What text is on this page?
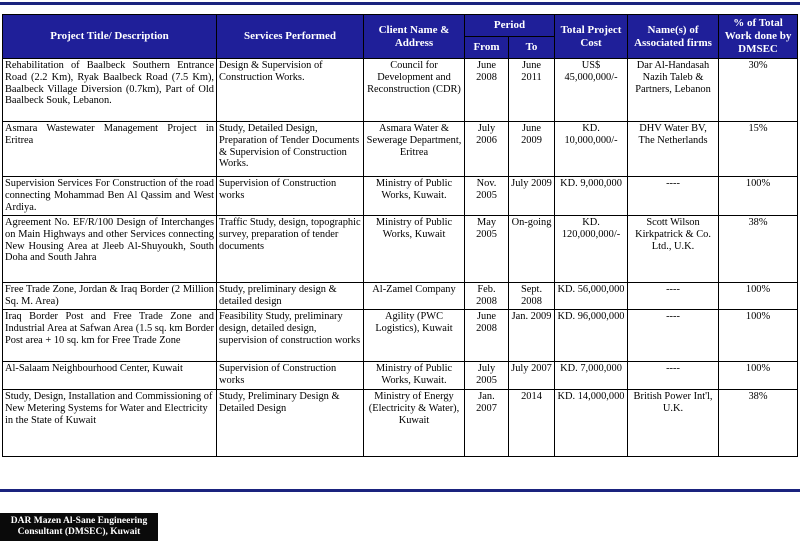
Project Title/ Description	Services Performed	Client Name & Address	Period		Total Project Cost	Name(s) of Associated firms	% of Total Work done by DMSEC
			From	To			
Rehabilitation of Baalbeck Southern Entrance Road (2.2 Km), Ryak Baalbeck Road (7.5 Km), Baalbeck Village Diversion (0.7km), Part of Old Baalbeck Souk, Lebanon.	Design & Supervision of Construction Works.	Council for Development and Reconstruction (CDR)	June 2008	June 2011	US$ 45,000,000/-	Dar Al-Handasah Nazih Taleb & Partners, Lebanon	30%
Asmara Wastewater Management Project in Eritrea	Study, Detailed Design, Preparation of Tender Documents & Supervision of Construction Works.	Asmara Water & Sewerage Department, Eritrea	July 2006	June 2009	KD. 10,000,000/-	DHV Water BV, The Netherlands	15%
Supervision Services For Construction of the road connecting Mohammad Ben Al Qassim and West Ardiya.	Supervision of Construction works	Ministry of Public Works, Kuwait.	Nov. 2005	July 2009	KD. 9,000,000	----	100%
Agreement No. EF/R/100 Design of Interchanges on Main Highways and other Services connecting New Housing Area at Jleeb Al-Shuyoukh, South Doha and South Jahra	Traffic Study, design, topographic survey, preparation of tender documents	Ministry of Public Works, Kuwait	May 2005	On-going	KD. 120,000,000/-	Scott Wilson Kirkpatrick & Co. Ltd., U.K.	38%
Free Trade Zone, Jordan & Iraq Border (2 Million Sq. M. Area)	Study, preliminary design & detailed design	Al-Zamel Company	Feb. 2008	Sept. 2008	KD. 56,000,000	----	100%
Iraq Border Post and Free Trade Zone and Industrial Area at Safwan Area (1.5 sq. km Border Post area + 10 sq. km for Free Trade Zone	Feasibility Study, preliminary design, detailed design, supervision of construction works	Agility (PWC Logistics), Kuwait	June 2008	Jan. 2009	KD. 96,000,000	----	100%
Al-Salaam Neighbourhood Center, Kuwait	Supervision of Construction works	Ministry of Public Works, Kuwait.	July 2005	July 2007	KD. 7,000,000	----	100%
Study, Design, Installation and Commissioning of New Metering Systems for Water and Electricity in the State of Kuwait	Study, Preliminary Design & Detailed Design	Ministry of Energy (Electricity & Water), Kuwait	Jan. 2007	2014	KD. 14,000,000	British Power Int'l, U.K.	38%
DAR Mazen Al-Sane Engineering
Consultant (DMSEC), Kuwait
